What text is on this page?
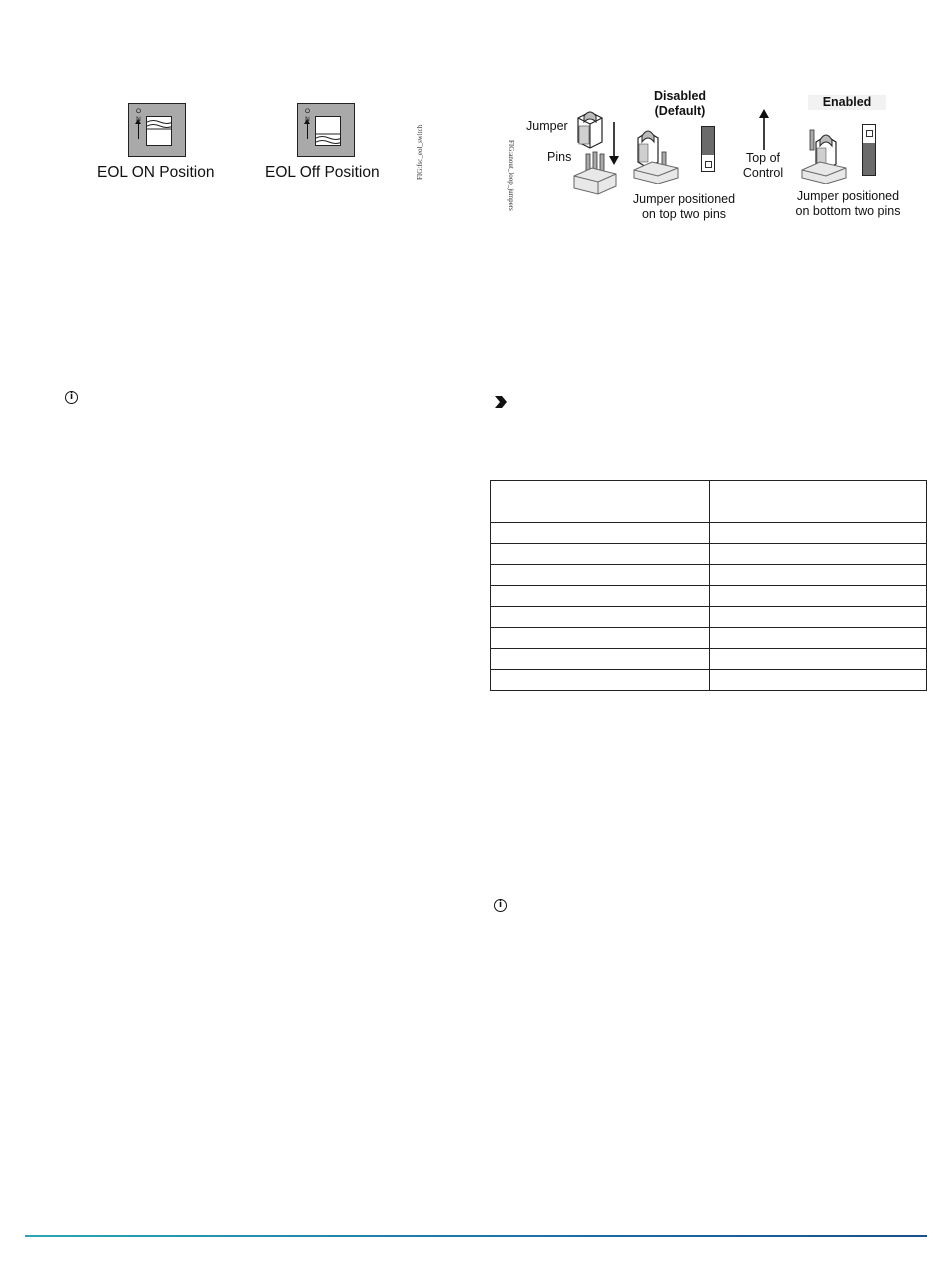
O
EOL ON Position
O
EOL Off Position	FIG:fsc_eol_switch	FIG:anout_loop_jumpers
Jumper
Pins
Disabled
(Default)
Jumper positioned
on top two pins
Top of
Control
Enabled
Jumper positioned
on bottom two pins
i
i
